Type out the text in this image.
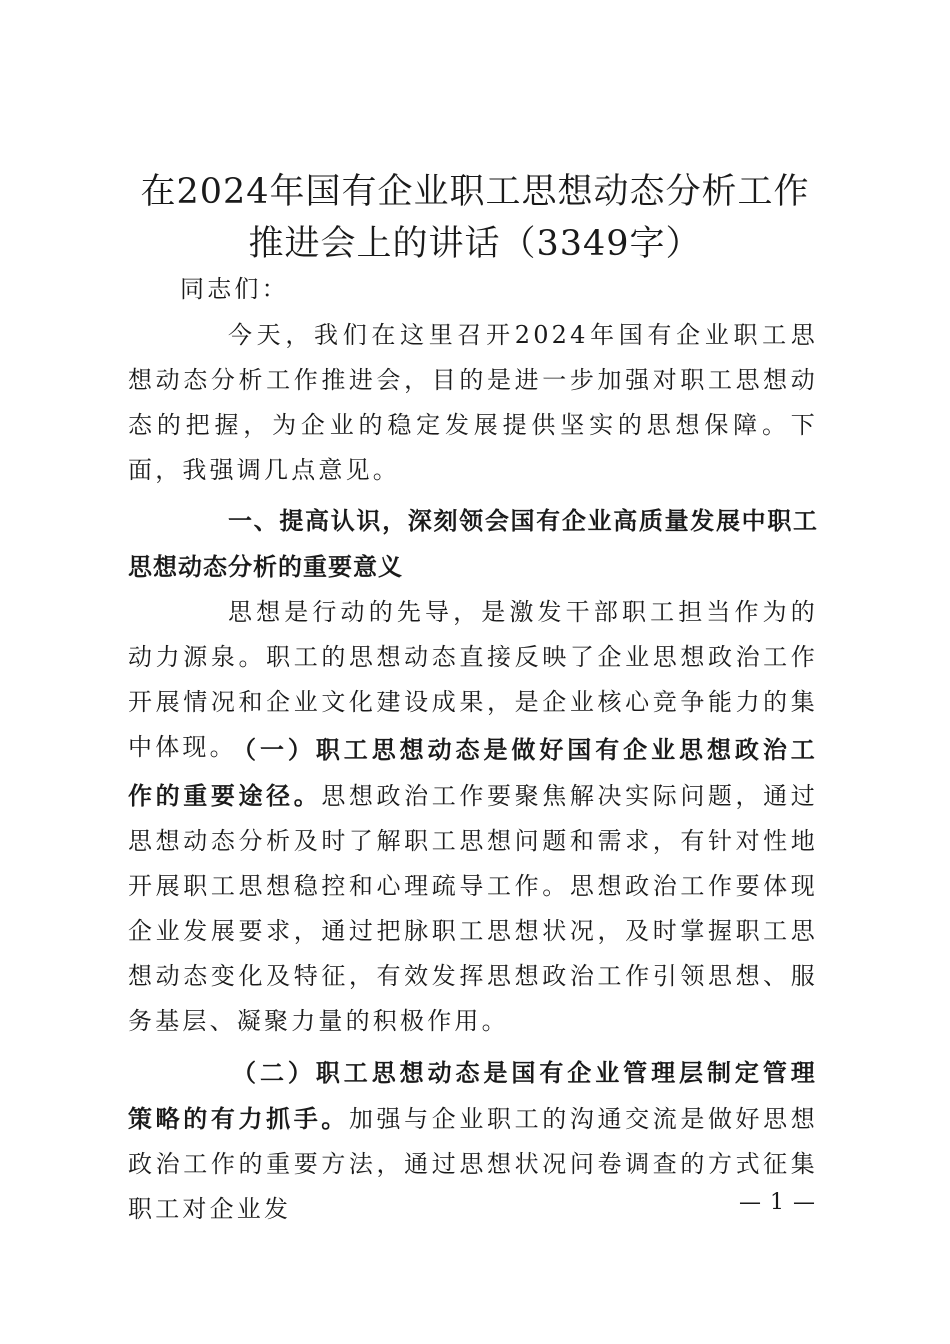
在2024年国有企业职工思想动态分析工作推进会上的讲话（3349字）

同志们：

今天，我们在这里召开2024年国有企业职工思想动态分析工作推进会，目的是进一步加强对职工思想动态的把握，为企业的稳定发展提供坚实的思想保障。下面，我强调几点意见。

一、提高认识，深刻领会国有企业高质量发展中职工思想动态分析的重要意义

思想是行动的先导，是激发干部职工担当作为的动力源泉。职工的思想动态直接反映了企业思想政治工作开展情况和企业文化建设成果，是企业核心竞争能力的集中体现。

（一）职工思想动态是做好国有企业思想政治工作的重要途径。思想政治工作要聚焦解决实际问题，通过思想动态分析及时了解职工思想问题和需求，有针对性地开展职工思想稳控和心理疏导工作。思想政治工作要体现企业发展要求，通过把脉职工思想状况，及时掌握职工思想动态变化及特征，有效发挥思想政治工作引领思想、服务基层、凝聚力量的积极作用。

（二）职工思想动态是国有企业管理层制定管理策略的有力抓手。加强与企业职工的沟通交流是做好思想政治工作的重要方法，通过思想状况问卷调查的方式征集职工对企业发	— 1 —
